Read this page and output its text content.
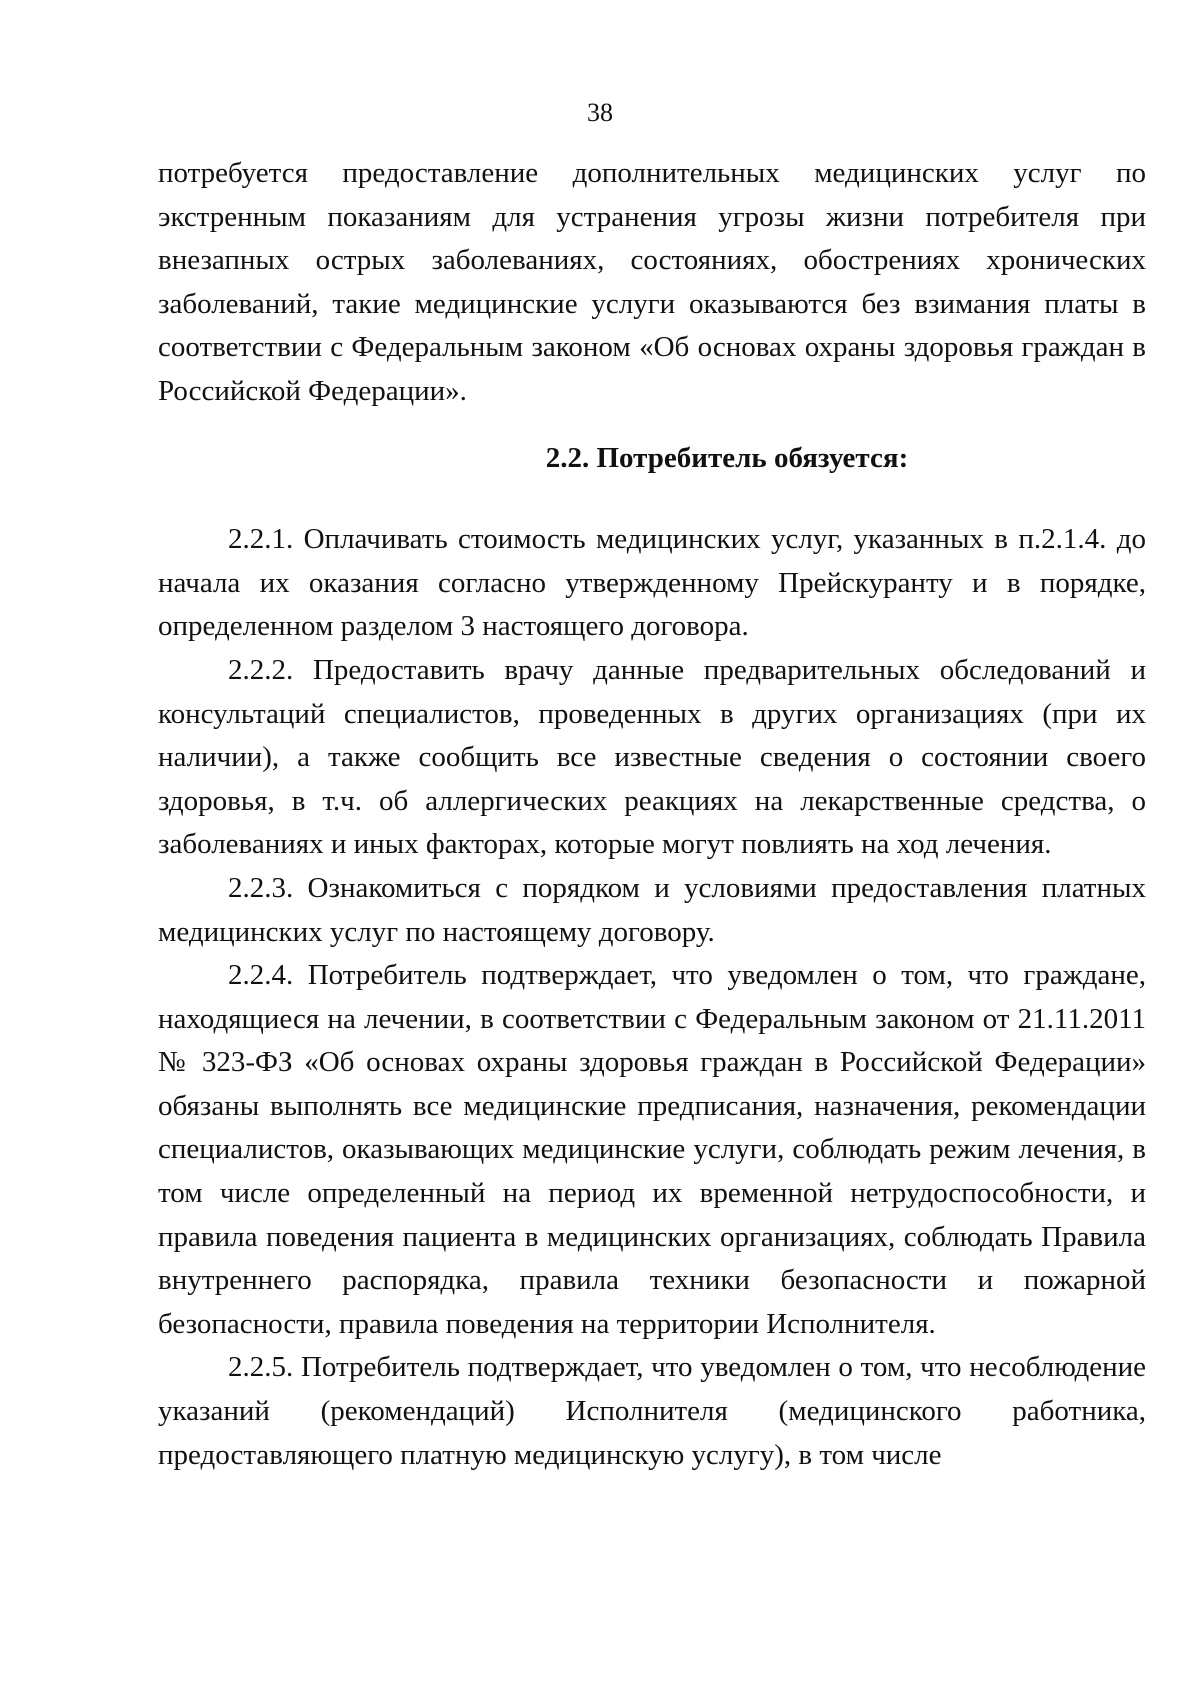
38

потребуется предоставление дополнительных медицинских услуг по экстренным показаниям для устранения угрозы жизни потребителя при внезапных острых заболеваниях, состояниях, обострениях хронических заболеваний, такие медицинские услуги оказываются без взимания платы в соответствии с Федеральным законом «Об основах охраны здоровья граждан в Российской Федерации».

2.2. Потребитель обязуется:

2.2.1. Оплачивать стоимость медицинских услуг, указанных в п.2.1.4. до начала их оказания согласно утвержденному Прейскуранту и в порядке, определенном разделом 3 настоящего договора.

2.2.2. Предоставить врачу данные предварительных обследований и консультаций специалистов, проведенных в других организациях (при их наличии), а также сообщить все известные сведения о состоянии своего здоровья, в т.ч. об аллергических реакциях на лекарственные средства, о заболеваниях и иных факторах, которые могут повлиять на ход лечения.

2.2.3. Ознакомиться с порядком и условиями предоставления платных медицинских услуг по настоящему договору.

2.2.4. Потребитель подтверждает, что уведомлен о том, что граждане, находящиеся на лечении, в соответствии с Федеральным законом от 21.11.2011 № 323-ФЗ «Об основах охраны здоровья граждан в Российской Федерации» обязаны выполнять все медицинские предписания, назначения, рекомендации специалистов, оказывающих медицинские услуги, соблюдать режим лечения, в том числе определенный на период их временной нетрудоспособности, и правила поведения пациента в медицинских организациях, соблюдать Правила внутреннего распорядка, правила техники безопасности и пожарной безопасности, правила поведения на территории Исполнителя.

2.2.5. Потребитель подтверждает, что уведомлен о том, что несоблюдение указаний (рекомендаций) Исполнителя (медицинского работника, предоставляющего платную медицинскую услугу), в том числе
